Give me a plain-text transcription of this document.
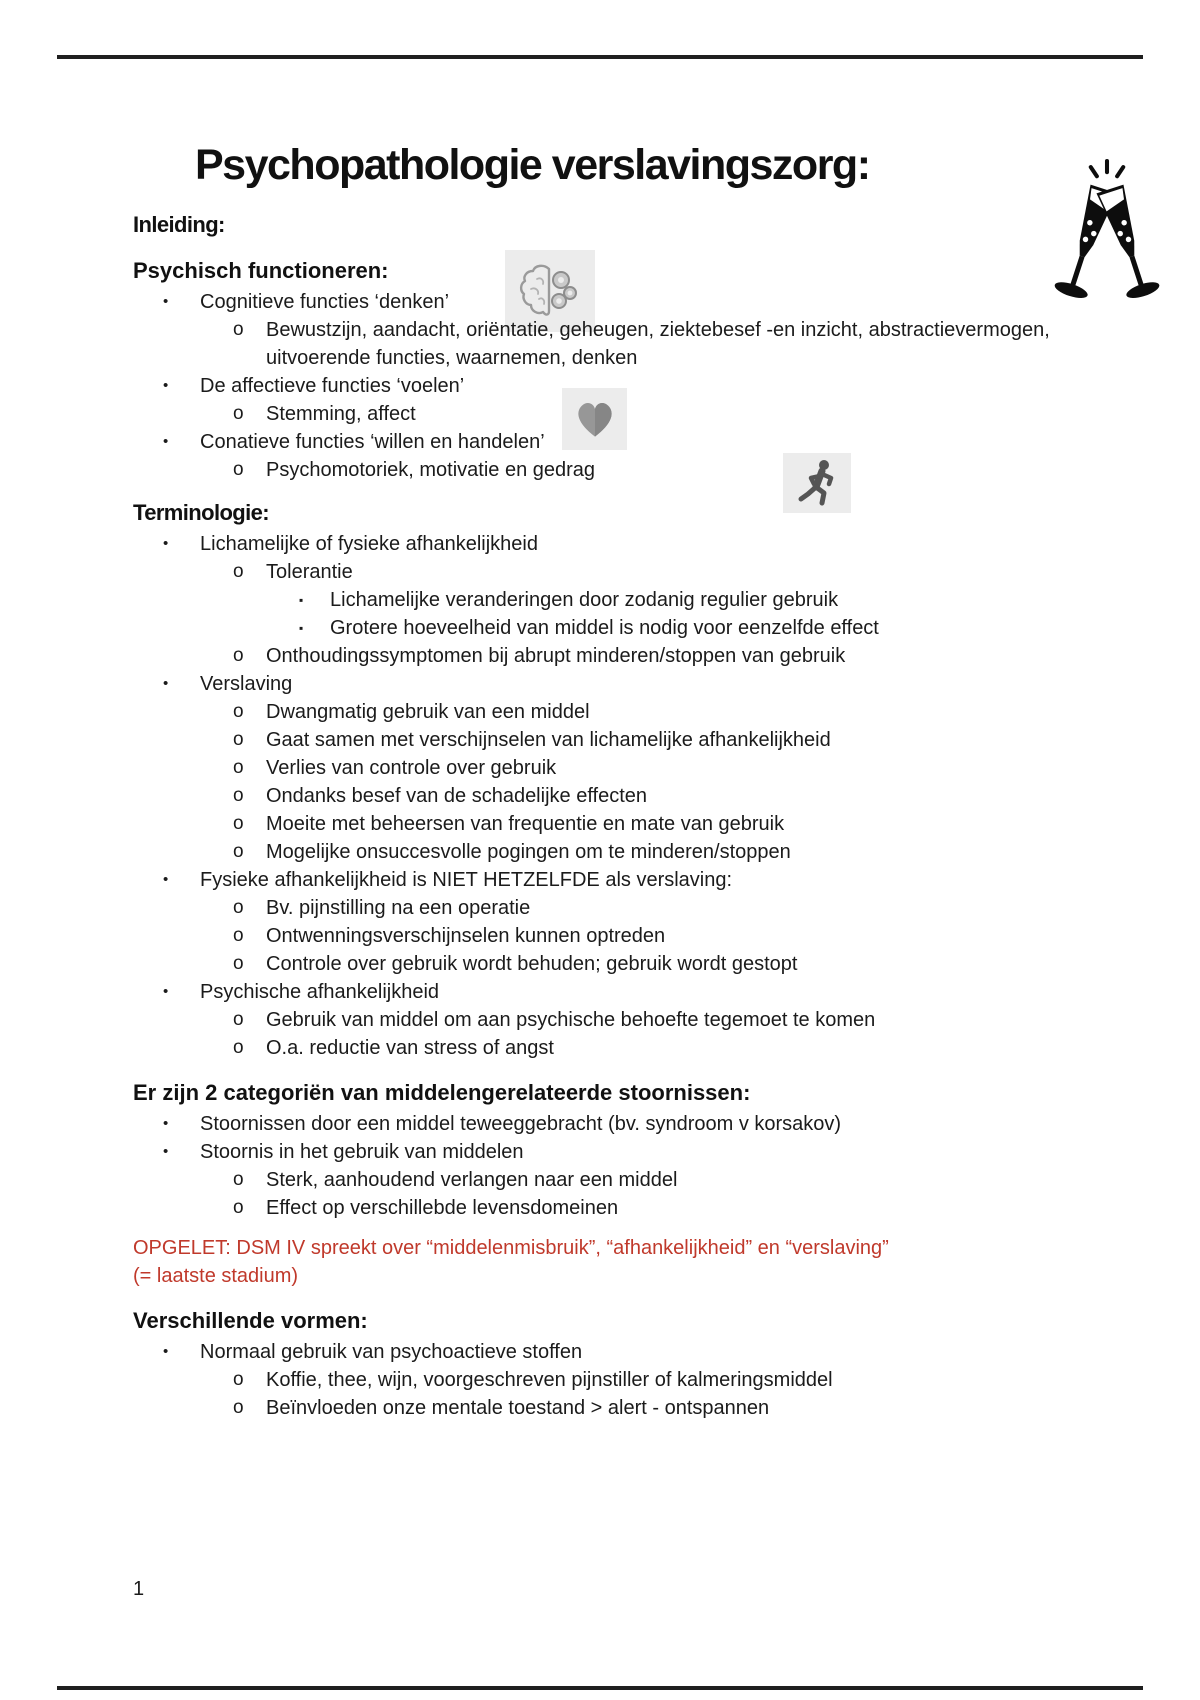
Psychopathologie verslavingszorg:
Inleiding:
Psychisch functioneren:
• Cognitieve functies ‘denken’
o Bewustzijn, aandacht, oriëntatie, geheugen, ziektebesef -en inzicht, abstractievermogen, uitvoerende functies, waarnemen, denken
• De affectieve functies ‘voelen’
o Stemming, affect
• Conatieve functies ‘willen en handelen’
o Psychomotoriek, motivatie en gedrag
Terminologie:
• Lichamelijke of fysieke afhankelijkheid
o Tolerantie
▪ Lichamelijke veranderingen door zodanig regulier gebruik
▪ Grotere hoeveelheid van middel is nodig voor eenzelfde effect
o Onthoudingssymptomen bij abrupt minderen/stoppen van gebruik
• Verslaving
o Dwangmatig gebruik van een middel
o Gaat samen met verschijnselen van lichamelijke afhankelijkheid
o Verlies van controle over gebruik
o Ondanks besef van de schadelijke effecten
o Moeite met beheersen van frequentie en mate van gebruik
o Mogelijke onsuccesvolle pogingen om te minderen/stoppen
• Fysieke afhankelijkheid is NIET HETZELFDE als verslaving:
o Bv. pijnstilling na een operatie
o Ontwenningsverschijnselen kunnen optreden
o Controle over gebruik wordt behuden; gebruik wordt gestopt
• Psychische afhankelijkheid
o Gebruik van middel om aan psychische behoefte tegemoet te komen
o O.a. reductie van stress of angst
Er zijn 2 categoriën van middelengerelateerde stoornissen:
• Stoornissen door een middel teweeggebracht (bv. syndroom v korsakov)
• Stoornis in het gebruik van middelen
o Sterk, aanhoudend verlangen naar een middel
o Effect op verschillebde levensdomeinen

OPGELET: DSM IV spreekt over “middelenmisbruik”, “afhankelijkheid” en “verslaving” (= laatste stadium)

Verschillende vormen:
• Normaal gebruik van psychoactieve stoffen
o Koffie, thee, wijn, voorgeschreven pijnstiller of kalmeringsmiddel
o Beïnvloeden onze mentale toestand > alert - ontspannen
1
